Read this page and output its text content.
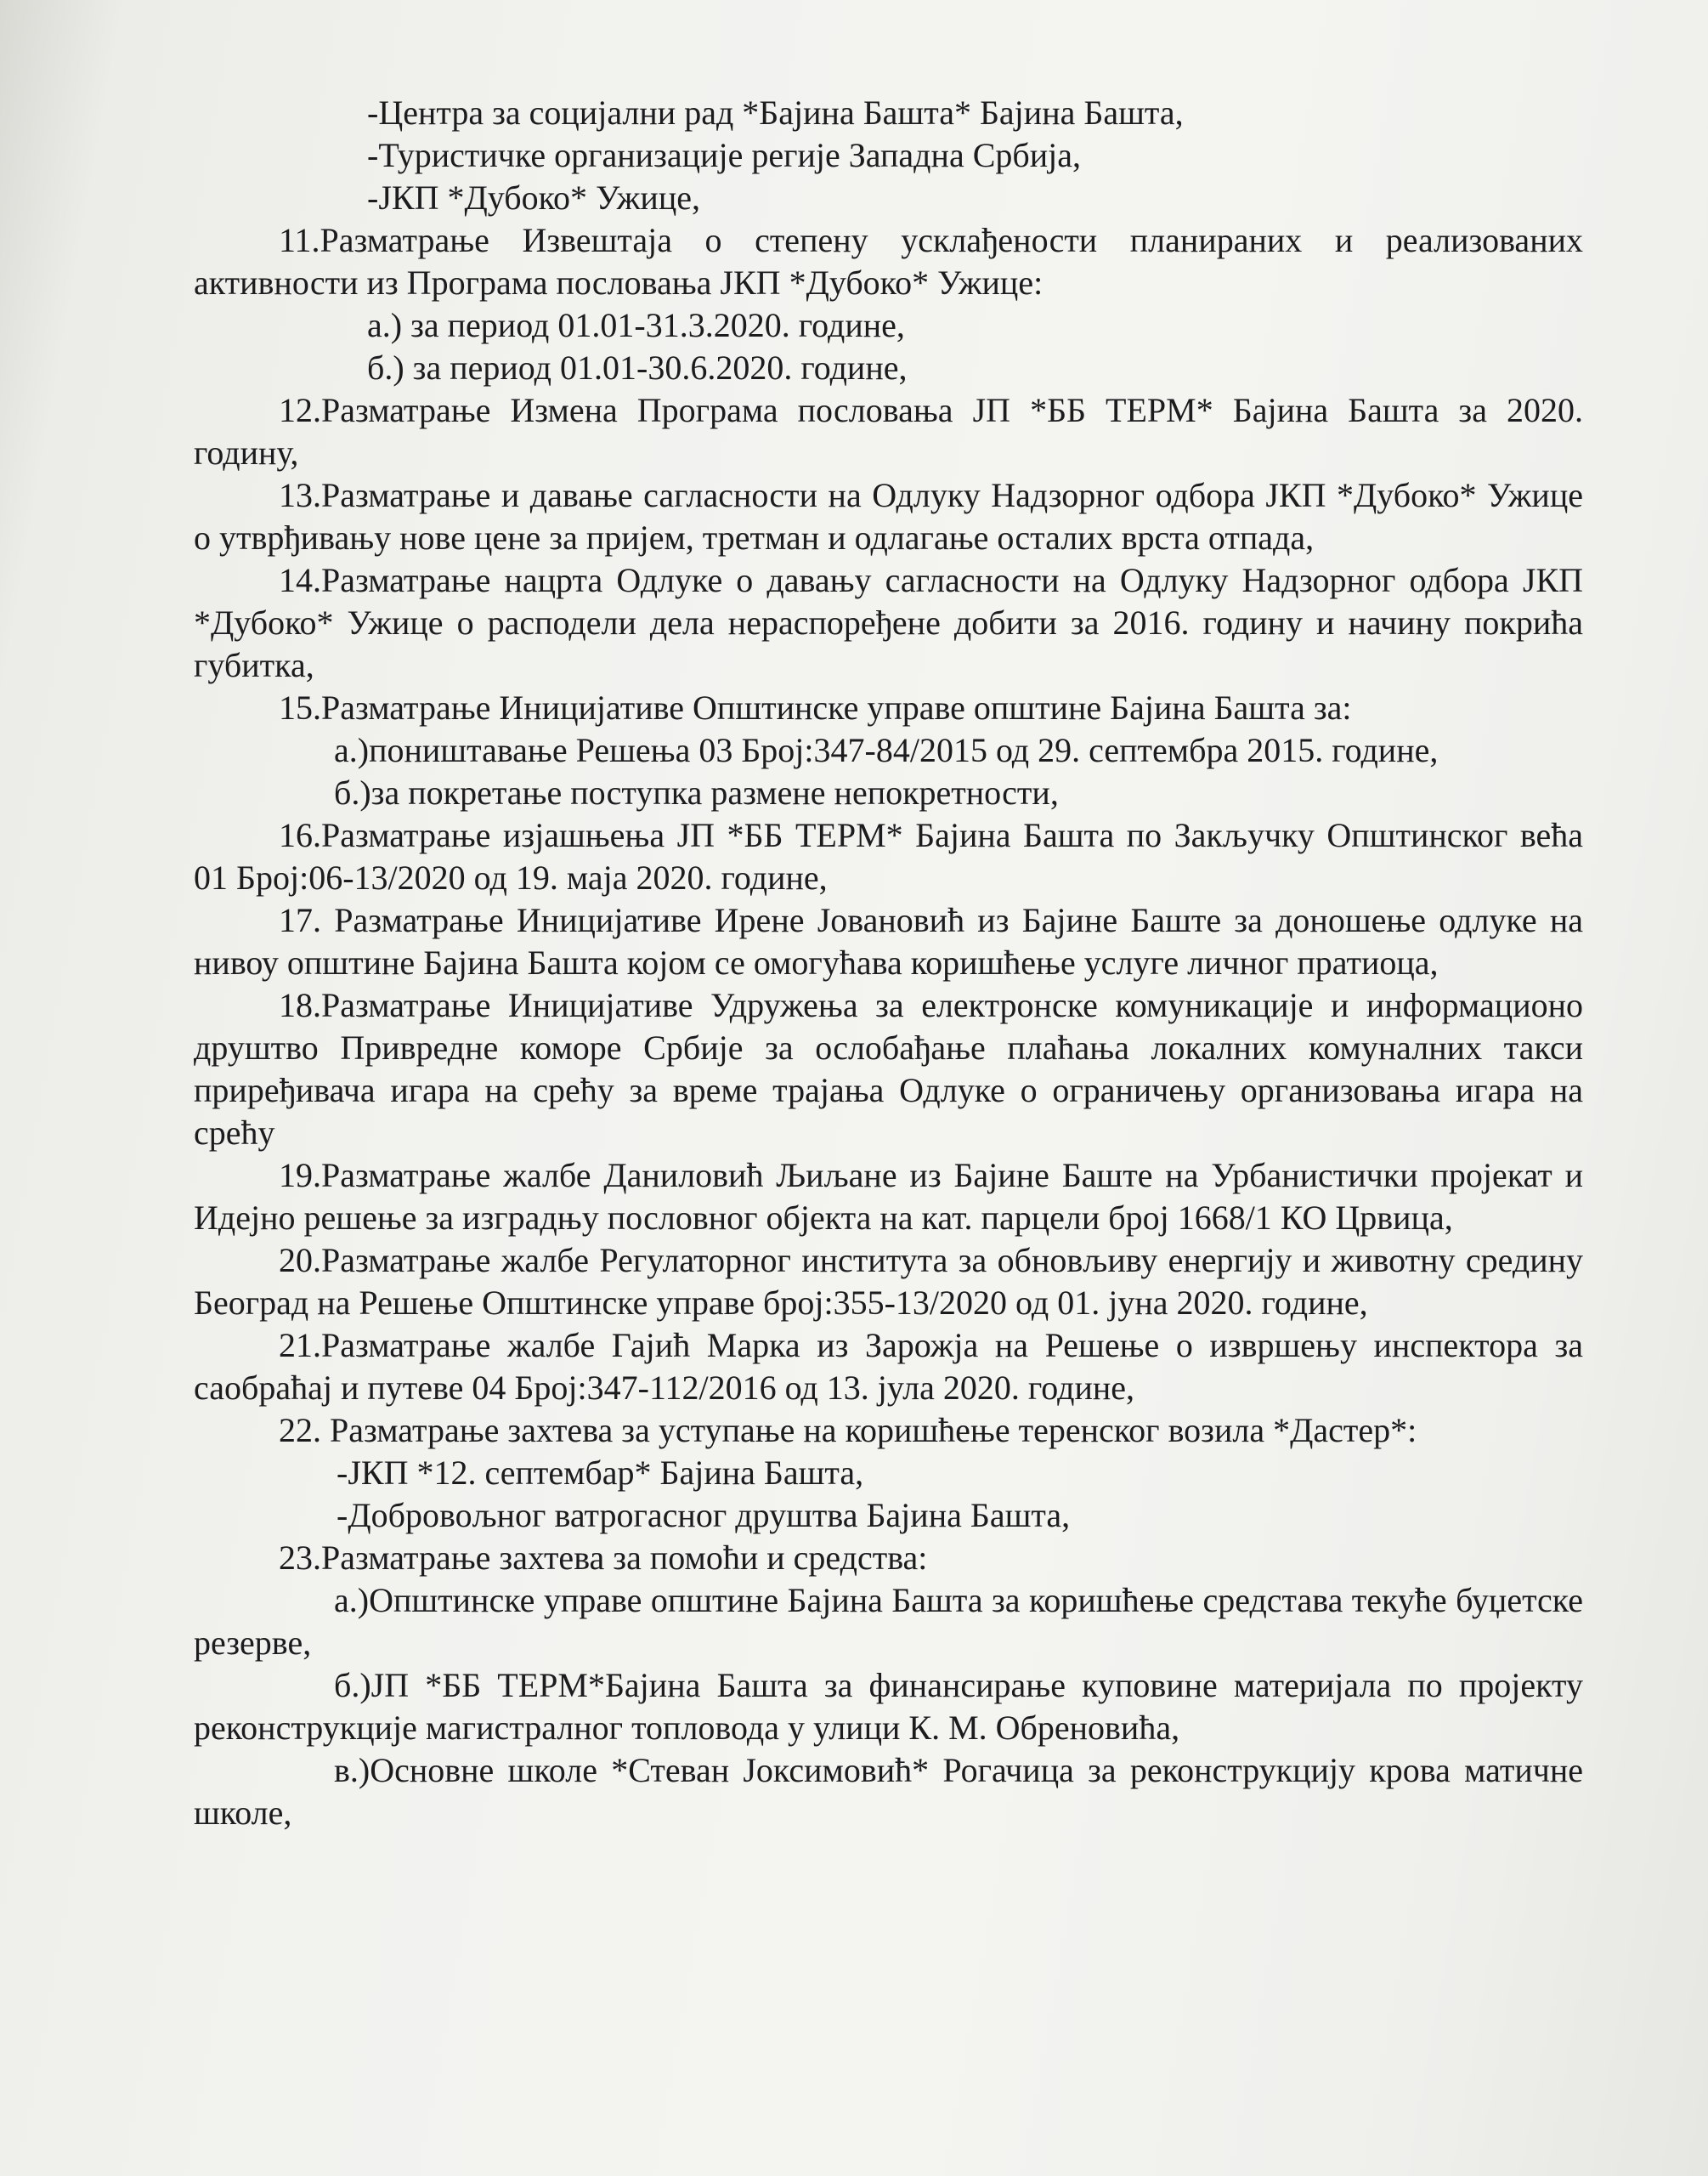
-Центра за социјални рад *Бајина Башта* Бајина Башта,

-Туристичке организације регије Западна Србија,

-ЈКП *Дубоко* Ужице,

11.Разматрање Извештаја о степену усклађености планираних и реализованих активности из Програма пословања ЈКП *Дубоко* Ужице:

а.) за период 01.01-31.3.2020. године,

б.) за период 01.01-30.6.2020. године,

12.Разматрање Измена Програма пословања ЈП *ББ ТЕРМ* Бајина Башта за 2020. годину,

13.Разматрање и давање сагласности на Одлуку Надзорног одбора ЈКП *Дубоко* Ужице о утврђивању нове цене за пријем, третман и одлагање осталих врста отпада,

14.Разматрање нацрта Одлуке о давању сагласности на Одлуку Надзорног одбора ЈКП *Дубоко* Ужице о расподели дела нераспоређене добити за 2016. годину и начину покрића губитка,

15.Разматрање Иницијативе Општинске управе општине Бајина Башта за:

а.)поништавање Решења 03 Број:347-84/2015 од 29. септембра 2015. године,

б.)за покретање поступка размене непокретности,

16.Разматрање изјашњења ЈП *ББ ТЕРМ* Бајина Башта по Закључку Општинског већа 01 Број:06-13/2020 од 19. маја 2020. године,

17. Разматрање Иницијативе Ирене Јовановић из Бајине Баште за доношење одлуке на нивоу општине Бајина Башта којом се омогућава коришћење услуге личног пратиоца,

18.Разматрање Иницијативе Удружења за електронске комуникације и информационо друштво Привредне коморе Србије за ослобађање плаћања локалних комуналних такси приређивача игара на срећу за време трајања Одлуке о ограничењу организовања игара на срећу

19.Разматрање жалбе Даниловић Љиљане из Бајине Баште на Урбанистички пројекат и Идејно решење за изградњу пословног објекта на кат. парцели број 1668/1 КО Црвица,

20.Разматрање жалбе Регулаторног института за обновљиву енергију и животну средину Београд на Решење Општинске управе број:355-13/2020 од 01. јуна 2020. године,

21.Разматрање жалбе Гајић Марка из Зарожја на Решење о извршењу инспектора за саобраћај и путеве 04 Број:347-112/2016 од 13. јула 2020. године,

22. Разматрање захтева за уступање на коришћење теренског возила *Дастер*:

-ЈКП *12. септембар* Бајина Башта,

-Добровољног ватрогасног друштва Бајина Башта,

23.Разматрање захтева за помоћи и средства:

а.)Општинске управе општине Бајина Башта за коришћење средстава текуће буџетске резерве,

б.)ЈП *ББ ТЕРМ*Бајина Башта за финансирање куповине материјала по пројекту реконструкције магистралног топловода у улици К. М. Обреновића,

в.)Основне школе *Стеван Јоксимовић* Рогачица за реконструкцију крова матичне школе,
